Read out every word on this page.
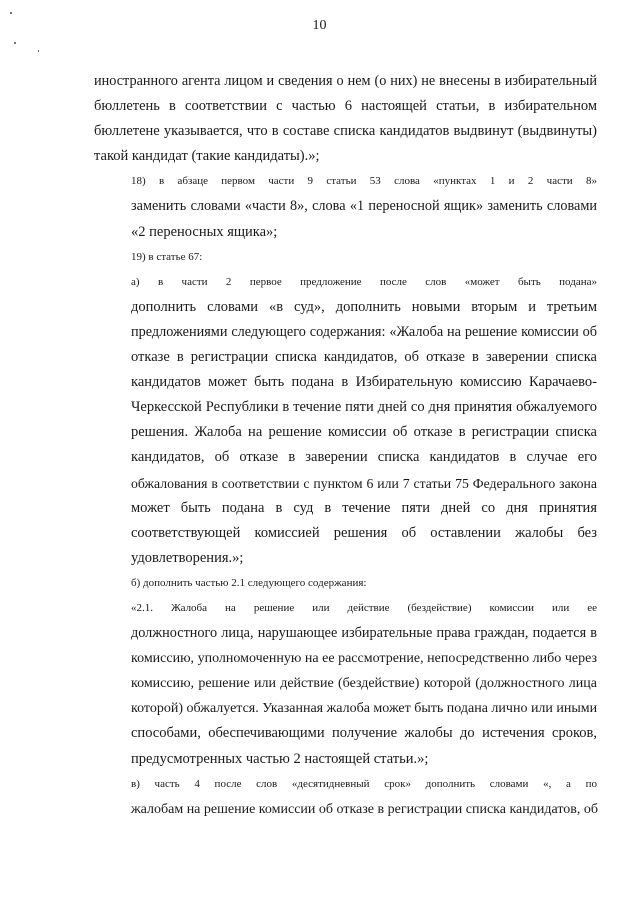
10
иностранного агента лицом и сведения о нем (о них) не внесены в избирательный
бюллетень в соответствии с частью 6 настоящей статьи, в избирательном
бюллетене указывается, что в составе списка кандидатов выдвинут (выдвинуты)
такой кандидат (такие кандидаты).»;
18) в абзаце первом части 9 статьи 53 слова «пунктах 1 и 2 части 8»
заменить словами «части 8», слова «1 переносной ящик» заменить словами
«2 переносных ящика»;
19) в статье 67:
а) в части 2 первое предложение после слов «может быть подана»
дополнить словами «в суд», дополнить новыми вторым и третьим
предложениями следующего содержания: «Жалоба на решение комиссии об
отказе в регистрации списка кандидатов, об отказе в заверении списка
кандидатов может быть подана в Избирательную комиссию Карачаево-
Черкесской Республики в течение пяти дней со дня принятия обжалуемого
решения. Жалоба на решение комиссии об отказе в регистрации списка
кандидатов, об отказе в заверении списка кандидатов в случае его
обжалования в соответствии с пунктом 6 или 7 статьи 75 Федерального закона
может быть подана в суд в течение пяти дней со дня принятия
соответствующей комиссией решения об оставлении жалобы без
удовлетворения.»;
б) дополнить частью 2.1 следующего содержания:
«2.1. Жалоба на решение или действие (бездействие) комиссии или ее
должностного лица, нарушающее избирательные права граждан, подается в
комиссию, уполномоченную на ее рассмотрение, непосредственно либо через
комиссию, решение или действие (бездействие) которой (должностного лица
которой) обжалуется. Указанная жалоба может быть подана лично или иными
способами, обеспечивающими получение жалобы до истечения сроков,
предусмотренных частью 2 настоящей статьи.»;
в) часть 4 после слов «десятидневный срок» дополнить словами «, а по
жалобам на решение комиссии об отказе в регистрации списка кандидатов, об
